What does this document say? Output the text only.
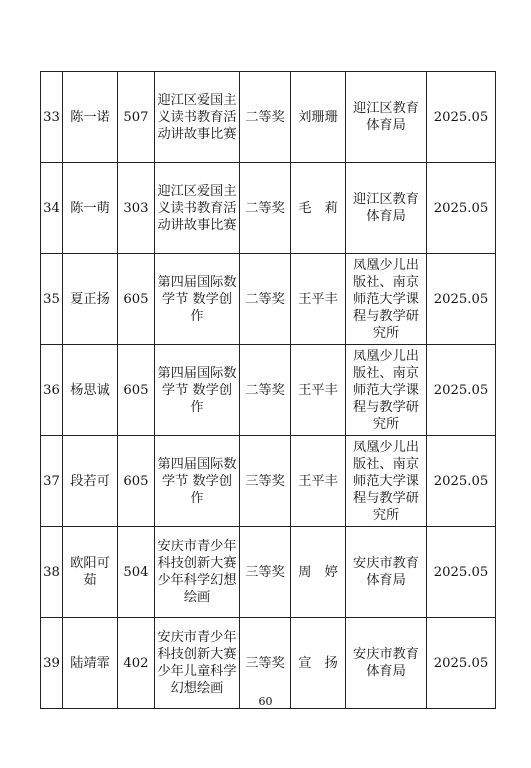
33	陈一诺	507	迎江区爱国主义读书教育活动讲故事比赛	二等奖	刘珊珊	迎江区教育体育局	2025.05
34	陈一萌	303	迎江区爱国主义读书教育活动讲故事比赛	二等奖	毛　莉	迎江区教育体育局	2025.05
35	夏正扬	605	第四届国际数学节 数学创作	二等奖	王平丰	凤凰少儿出版社、南京师范大学课程与教学研究所	2025.05
36	杨思诚	605	第四届国际数学节 数学创作	二等奖	王平丰	凤凰少儿出版社、南京师范大学课程与教学研究所	2025.05
37	段若可	605	第四届国际数学节 数学创作	三等奖	王平丰	凤凰少儿出版社、南京师范大学课程与教学研究所	2025.05
38	欧阳可茹	504	安庆市青少年科技创新大赛少年科学幻想绘画	三等奖	周　婷	安庆市教育体育局	2025.05
39	陆靖霏	402	安庆市青少年科技创新大赛少年儿童科学幻想绘画	三等奖	宣　扬	安庆市教育体育局	2025.05
60
